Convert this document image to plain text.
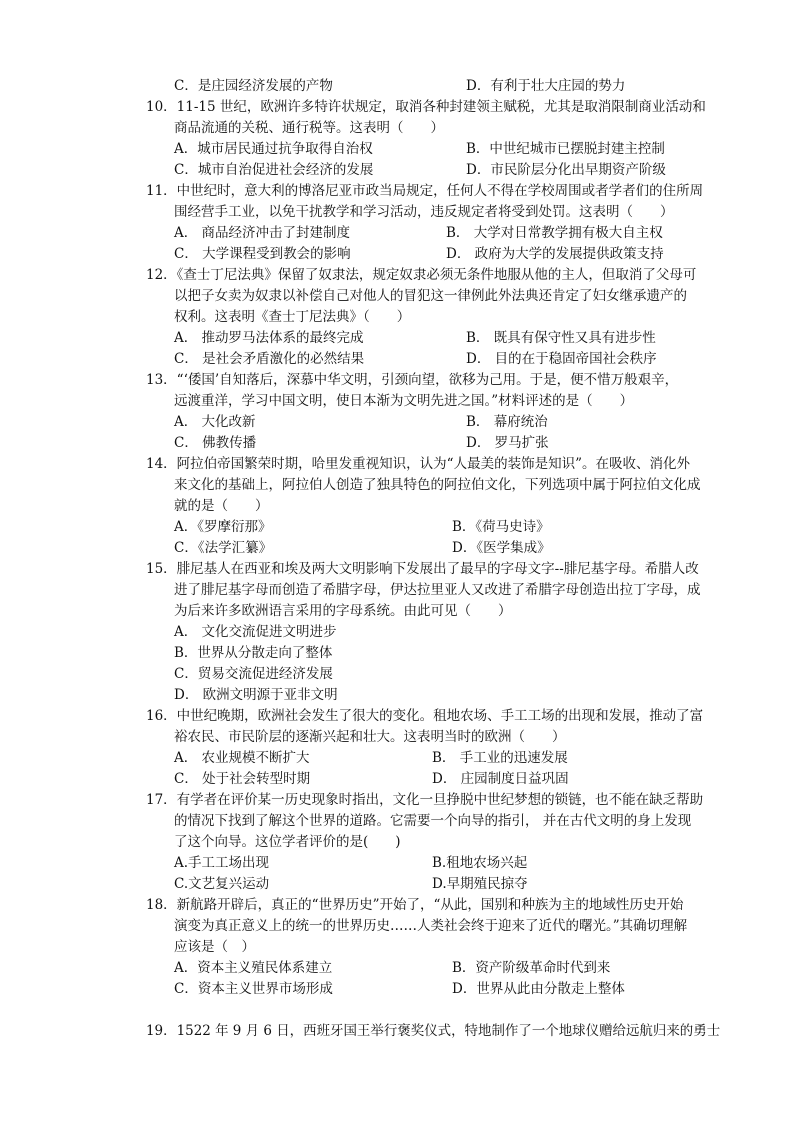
C．是庄园经济发展的产物	D．有利于壮大庄园的势力
10．11-15 世纪，欧洲许多特许状规定，取消各种封建领主赋税，尤其是取消限制商业活动和
商品流通的关税、通行税等。这表明（　　）
A．城市居民通过抗争取得自治权	B．中世纪城市已摆脱封建主控制
C．城市自治促进社会经济的发展	D．市民阶层分化出早期资产阶级
11．中世纪时，意大利的博洛尼亚市政当局规定，任何人不得在学校周围或者学者们的住所周
围经营手工业，以免干扰教学和学习活动，违反规定者将受到处罚。这表明（　　）
A． 商品经济冲击了封建制度	B． 大学对日常教学拥有极大自主权
C． 大学课程受到教会的影响	D． 政府为大学的发展提供政策支持
12．《查士丁尼法典》保留了奴隶法，规定奴隶必须无条件地服从他的主人，但取消了父母可
以把子女卖为奴隶以补偿自己对他人的冒犯这一律例此外法典还肯定了妇女继承遗产的
权利。这表明《查士丁尼法典》（　　）
A． 推动罗马法体系的最终完成	B． 既具有保守性又具有进步性
C． 是社会矛盾激化的必然结果	D． 目的在于稳固帝国社会秩序
13．“‘倭国’自知落后，深慕中华文明，引颈向望，欲移为己用。于是，便不惜万般艰辛，
远渡重洋，学习中国文明，使日本渐为文明先进之国。”材料评述的是（　　）
A． 大化改新	B． 幕府统治
C． 佛教传播	D． 罗马扩张
14．阿拉伯帝国繁荣时期，哈里发重视知识，认为“人最美的装饰是知识”。在吸收、消化外
来文化的基础上，阿拉伯人创造了独具特色的阿拉伯文化，下列选项中属于阿拉伯文化成
就的是（　　）
A．《罗摩衍那》	B．《荷马史诗》
C．《法学汇纂》	D．《医学集成》
15．腓尼基人在西亚和埃及两大文明影响下发展出了最早的字母文字--腓尼基字母。希腊人改
进了腓尼基字母而创造了希腊字母，伊达拉里亚人又改进了希腊字母创造出拉丁字母，成
为后来许多欧洲语言采用的字母系统。由此可见（　　）
A． 文化交流促进文明进步
B．世界从分散走向了整体
C．贸易交流促进经济发展
D． 欧洲文明源于亚非文明
16．中世纪晚期，欧洲社会发生了很大的变化。租地农场、手工工场的出现和发展，推动了富
裕农民、市民阶层的逐渐兴起和壮大。这表明当时的欧洲（　　）
A． 农业规模不断扩大	B． 手工业的迅速发展
C． 处于社会转型时期	D． 庄园制度日益巩固
17．有学者在评价某一历史现象时指出，文化一旦挣脱中世纪梦想的锁链，也不能在缺乏帮助
的情况下找到了解这个世界的道路。它需要一个向导的指引， 并在古代文明的身上发现
了这个向导。这位学者评价的是(　　)
A.手工工场出现	B.租地农场兴起
C.文艺复兴运动	D.早期殖民掠夺
18．新航路开辟后，真正的“世界历史”开始了，“从此，国别和种族为主的地域性历史开始
演变为真正意义上的统一的世界历史……人类社会终于迎来了近代的曙光。”其确切理解
应该是（　）
A．资本主义殖民体系建立	B．资产阶级革命时代到来
C．资本主义世界市场形成	D．世界从此由分散走上整体
19．1522 年 9 月 6 日，西班牙国王举行褒奖仪式，特地制作了一个地球仪赠给远航归来的勇士
